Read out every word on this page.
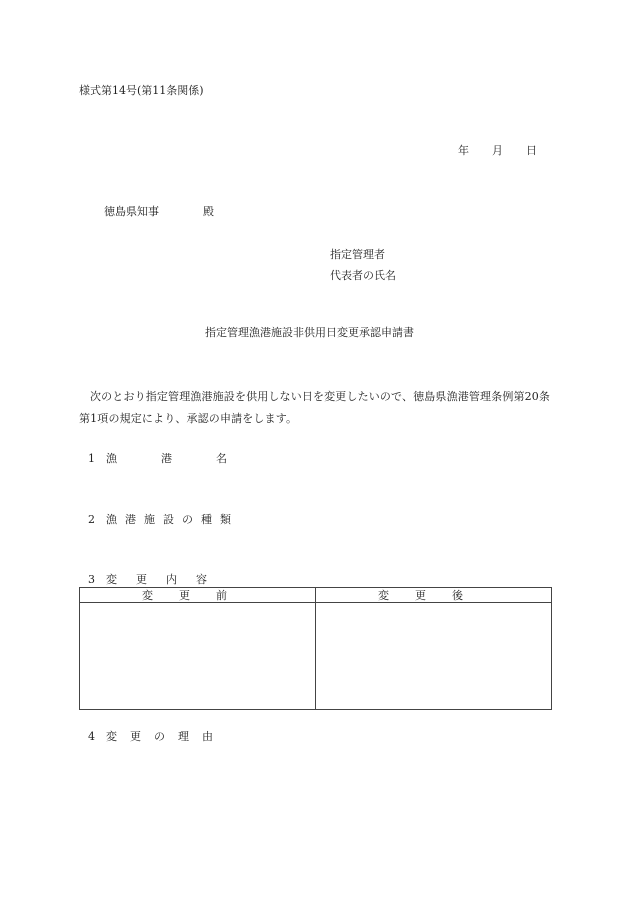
様式第14号(第11条関係)
年 月 日
徳島県知事	殿
指定管理者
代表者の氏名
指定管理漁港施設非供用日変更承認申請書
次のとおり指定管理漁港施設を供用しない日を変更したいので、徳島県漁港管理条例第20条第1項の規定により、承認の申請をします。
1 漁港名
2 漁港施設の種類
3 変更内容
変更前	変更後
4 変更の理由
